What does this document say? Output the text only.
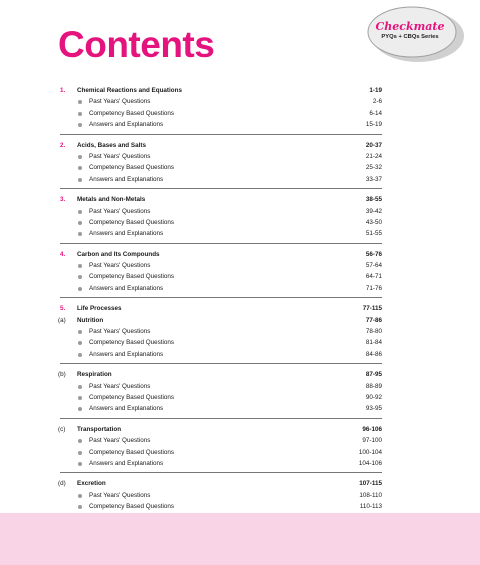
Contents	Checkmate
PYQs + CBQs Series
1. Chemical Reactions and Equations	1-19
Past Years' Questions	2-6
Competency Based Questions	6-14
Answers and Explanations	15-19
2. Acids, Bases and Salts	20-37
Past Years' Questions	21-24
Competency Based Questions	25-32
Answers and Explanations	33-37
3. Metals and Non-Metals	38-55
Past Years' Questions	39-42
Competency Based Questions	43-50
Answers and Explanations	51-55
4. Carbon and Its Compounds	56-76
Past Years' Questions	57-64
Competency Based Questions	64-71
Answers and Explanations	71-76
5. Life Processes	77-115
(a) Nutrition	77-86
Past Years' Questions	78-80
Competency Based Questions	81-84
Answers and Explanations	84-86
(b) Respiration	87-95
Past Years' Questions	88-89
Competency Based Questions	90-92
Answers and Explanations	93-95
(c) Transportation	96-106
Past Years' Questions	97-100
Competency Based Questions	100-104
Answers and Explanations	104-106
(d) Excretion	107-115
Past Years' Questions	108-110
Competency Based Questions	110-113
